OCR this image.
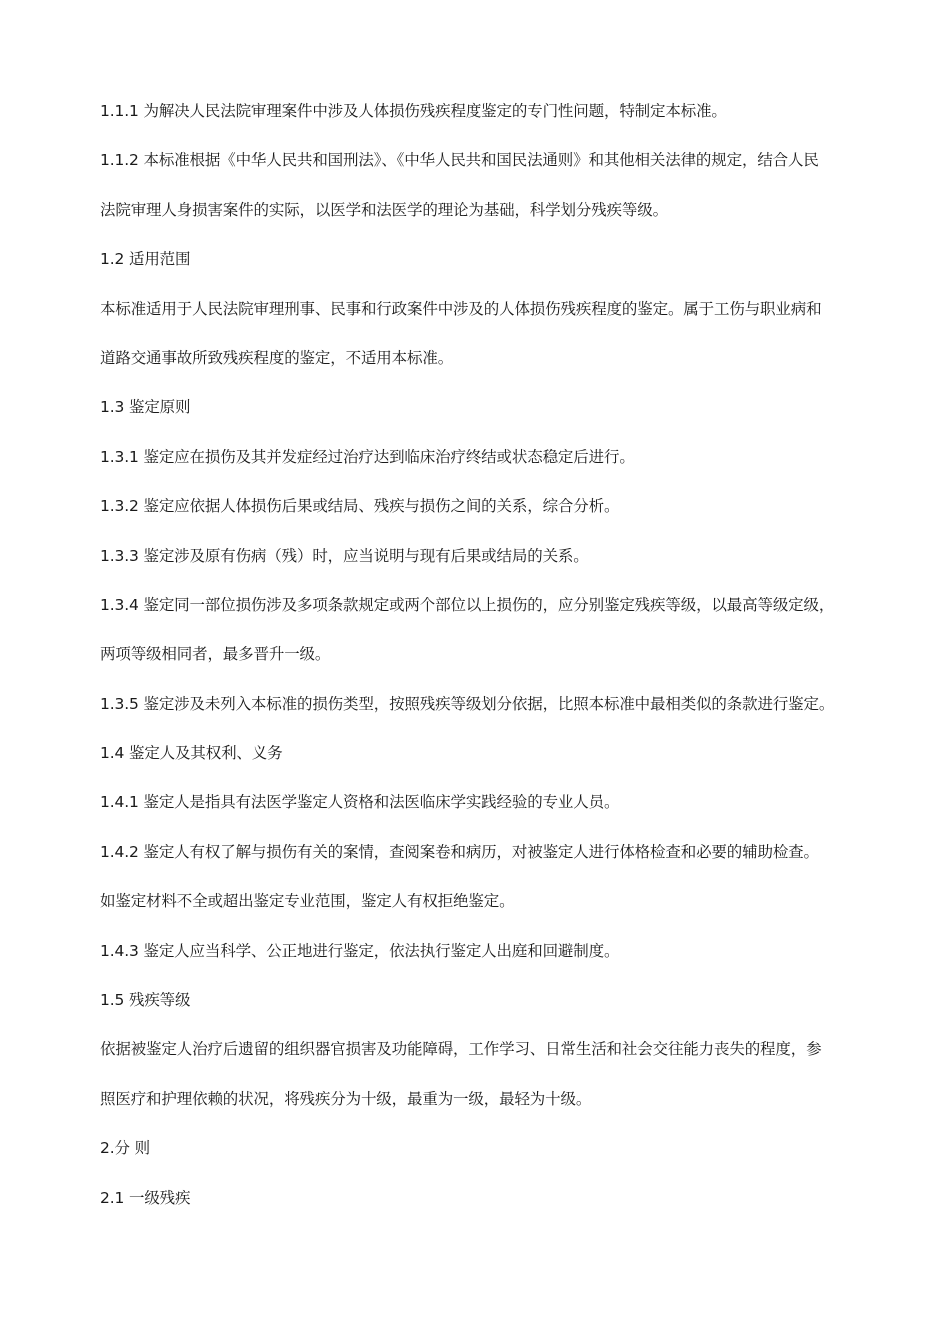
1.1.1 为解决人民法院审理案件中涉及人体损伤残疾程度鉴定的专门性问题，特制定本标准。

1.1.2 本标准根据《中华人民共和国刑法》、《中华人民共和国民法通则》和其他相关法律的规定，结合人民

法院审理人身损害案件的实际，以医学和法医学的理论为基础，科学划分残疾等级。

1.2 适用范围

本标准适用于人民法院审理刑事、民事和行政案件中涉及的人体损伤残疾程度的鉴定。属于工伤与职业病和

道路交通事故所致残疾程度的鉴定，不适用本标准。

1.3 鉴定原则

1.3.1 鉴定应在损伤及其并发症经过治疗达到临床治疗终结或状态稳定后进行。

1.3.2 鉴定应依据人体损伤后果或结局、残疾与损伤之间的关系，综合分析。

1.3.3 鉴定涉及原有伤病（残）时，应当说明与现有后果或结局的关系。

1.3.4 鉴定同一部位损伤涉及多项条款规定或两个部位以上损伤的，应分别鉴定残疾等级，以最高等级定级，

两项等级相同者，最多晋升一级。

1.3.5 鉴定涉及未列入本标准的损伤类型，按照残疾等级划分依据，比照本标准中最相类似的条款进行鉴定。

1.4 鉴定人及其权利、义务

1.4.1 鉴定人是指具有法医学鉴定人资格和法医临床学实践经验的专业人员。

1.4.2 鉴定人有权了解与损伤有关的案情，查阅案卷和病历，对被鉴定人进行体格检查和必要的辅助检查。

如鉴定材料不全或超出鉴定专业范围，鉴定人有权拒绝鉴定。

1.4.3 鉴定人应当科学、公正地进行鉴定，依法执行鉴定人出庭和回避制度。

1.5 残疾等级

依据被鉴定人治疗后遗留的组织器官损害及功能障碍，工作学习、日常生活和社会交往能力丧失的程度，参

照医疗和护理依赖的状况，将残疾分为十级，最重为一级，最轻为十级。

2.分 则

2.1 一级残疾
